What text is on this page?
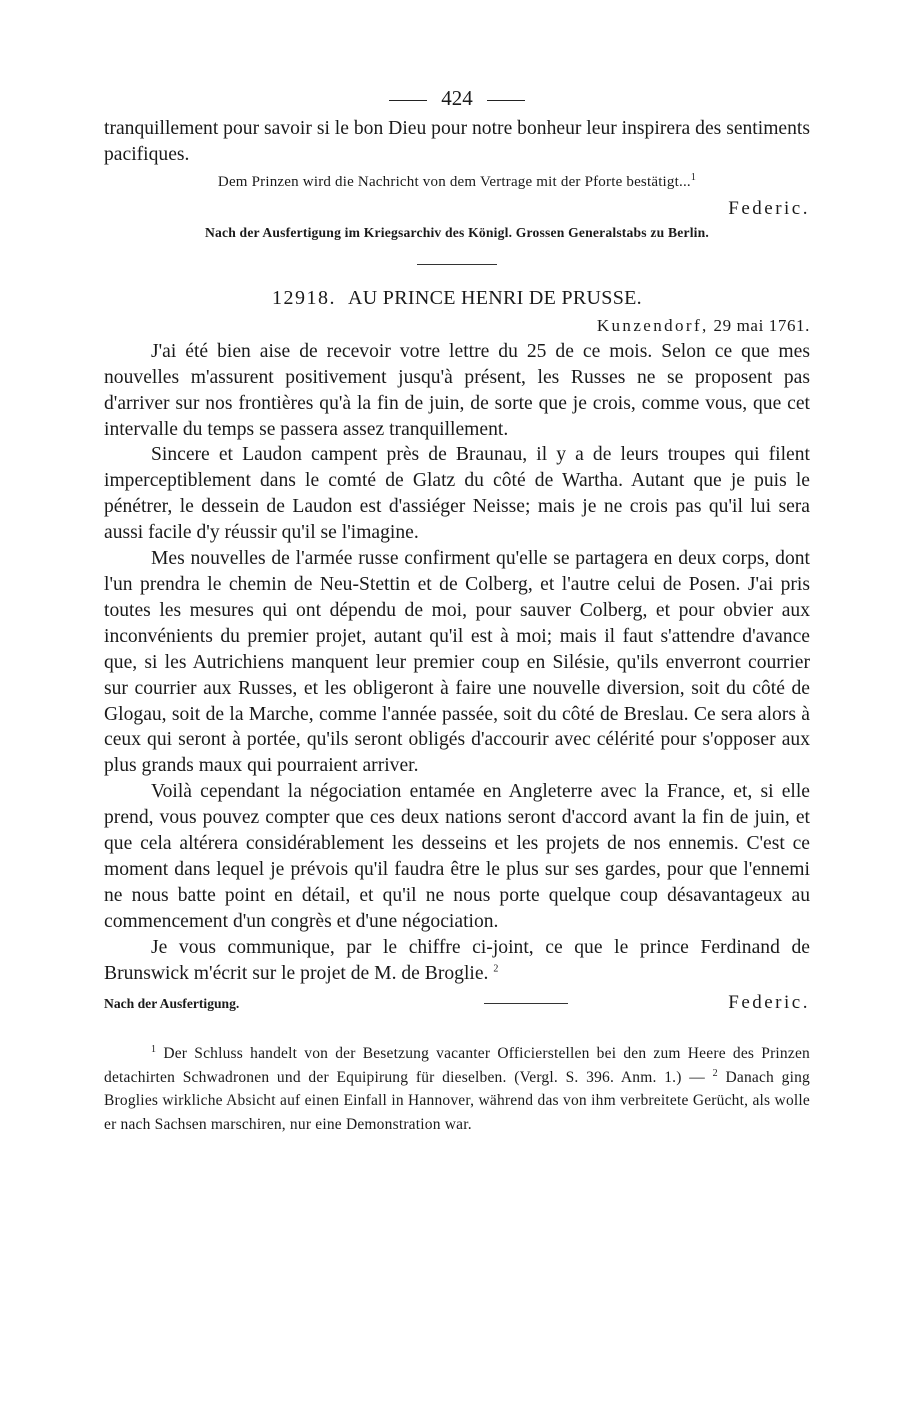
424

tranquillement pour savoir si le bon Dieu pour notre bonheur leur inspirera des sentiments pacifiques.

Dem Prinzen wird die Nachricht von dem Vertrage mit der Pforte bestätigt...$^1$

Federic.

Nach der Ausfertigung im Kriegsarchiv des Königl. Grossen Generalstabs zu Berlin.

12918. AU PRINCE HENRI DE PRUSSE.

Kunzendorf, 29 mai 1761.

J'ai été bien aise de recevoir votre lettre du 25 de ce mois. Selon ce que mes nouvelles m'assurent positivement jusqu'à présent, les Russes ne se proposent pas d'arriver sur nos frontières qu'à la fin de juin, de sorte que je crois, comme vous, que cet intervalle du temps se passera assez tranquillement.

Sincere et Laudon campent près de Braunau, il y a de leurs troupes qui filent imperceptiblement dans le comté de Glatz du côté de Wartha. Autant que je puis le pénétrer, le dessein de Laudon est d'assiéger Neisse; mais je ne crois pas qu'il lui sera aussi facile d'y réussir qu'il se l'imagine.

Mes nouvelles de l'armée russe confirment qu'elle se partagera en deux corps, dont l'un prendra le chemin de Neu-Stettin et de Colberg, et l'autre celui de Posen. J'ai pris toutes les mesures qui ont dépendu de moi, pour sauver Colberg, et pour obvier aux inconvénients du premier projet, autant qu'il est à moi; mais il faut s'attendre d'avance que, si les Autrichiens manquent leur premier coup en Silésie, qu'ils enverront courrier sur courrier aux Russes, et les obligeront à faire une nouvelle diversion, soit du côté de Glogau, soit de la Marche, comme l'année passée, soit du côté de Breslau. Ce sera alors à ceux qui seront à portée, qu'ils seront obligés d'accourir avec célérité pour s'opposer aux plus grands maux qui pourraient arriver.

Voilà cependant la négociation entamée en Angleterre avec la France, et, si elle prend, vous pouvez compter que ces deux nations seront d'accord avant la fin de juin, et que cela altérera considérablement les desseins et les projets de nos ennemis. C'est ce moment dans lequel je prévois qu'il faudra être le plus sur ses gardes, pour que l'ennemi ne nous batte point en détail, et qu'il ne nous porte quelque coup désavantageux au commencement d'un congrès et d'une négociation.

Je vous communique, par le chiffre ci-joint, ce que le prince Ferdinand de Brunswick m'écrit sur le projet de M. de Broglie. $^2$

Nach der Ausfertigung.	Federic.
$^1$ Der Schluss handelt von der Besetzung vacanter Officierstellen bei den zum Heere des Prinzen detachirten Schwadronen und der Equipirung für dieselben. (Vergl. S. 396. Anm. 1.) — $^2$ Danach ging Broglies wirkliche Absicht auf einen Einfall in Hannover, während das von ihm verbreitete Gerücht, als wolle er nach Sachsen marschiren, nur eine Demonstration war.
